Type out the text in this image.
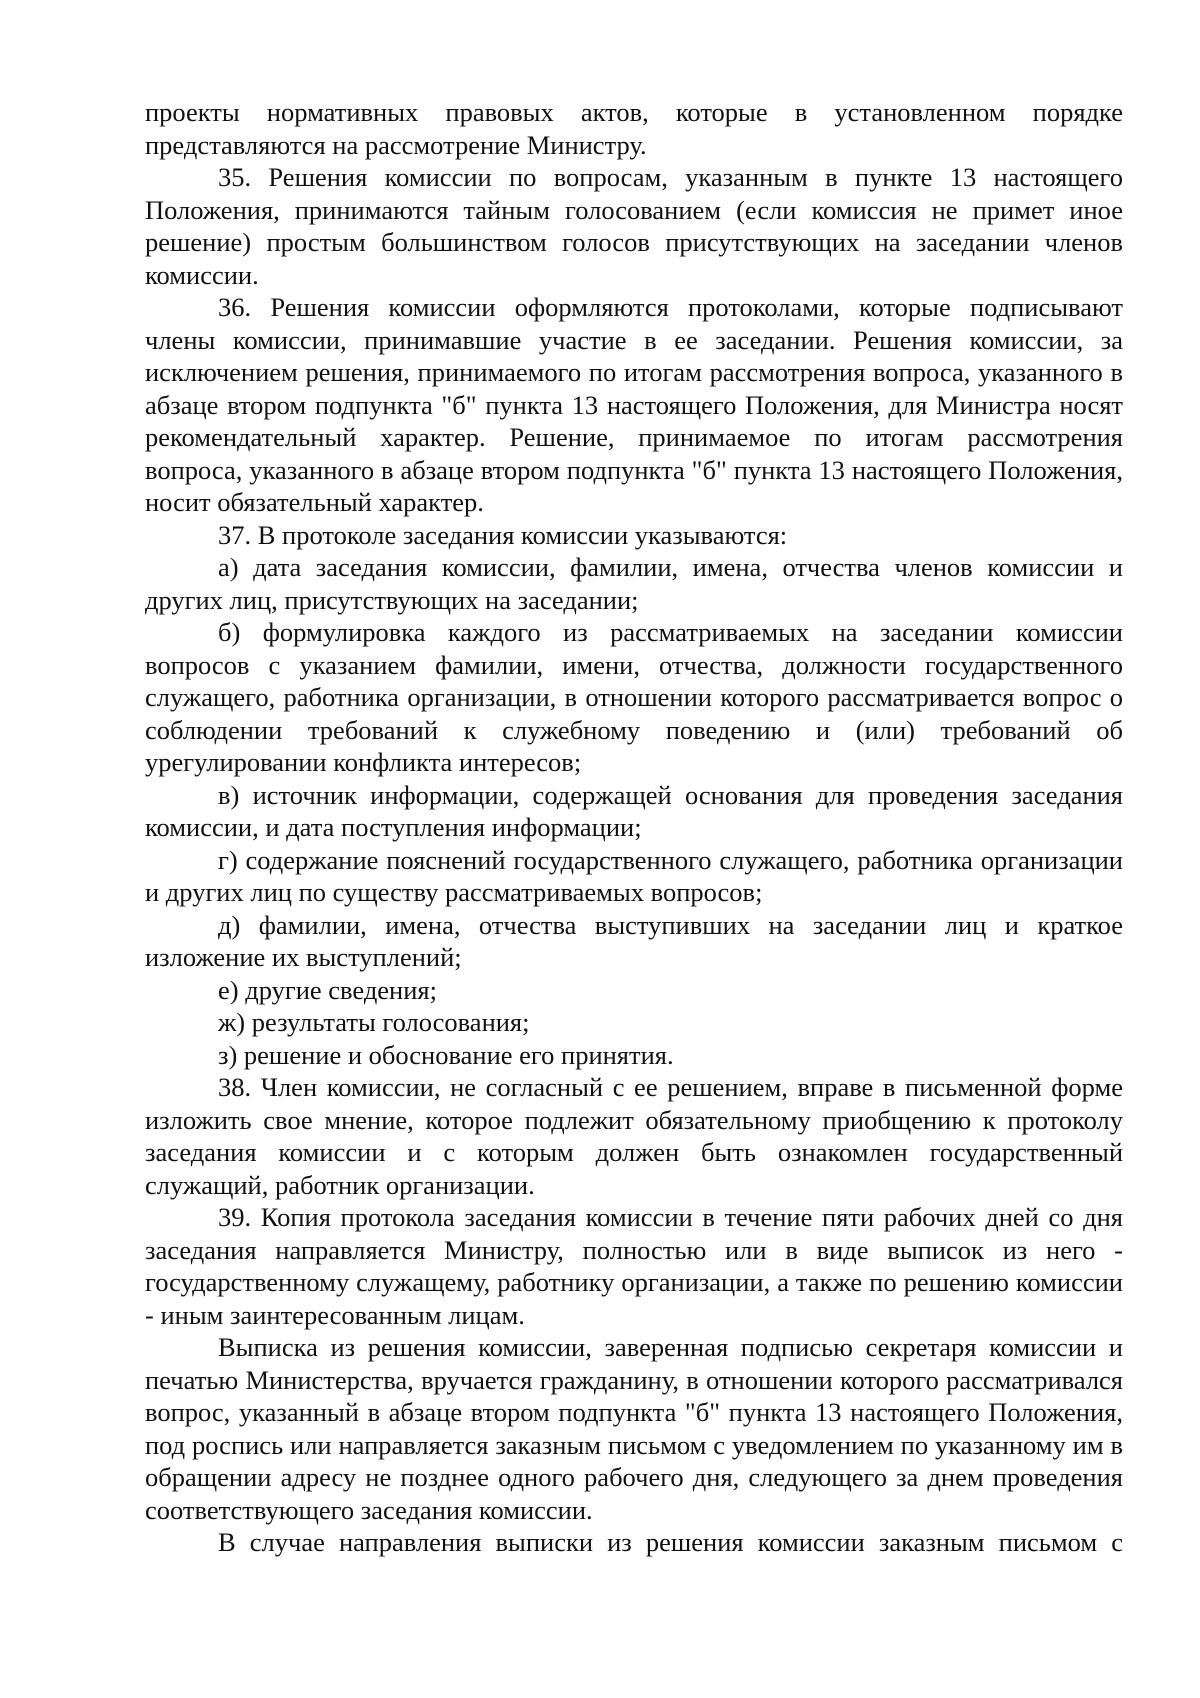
проекты нормативных правовых актов, которые в установленном порядке представляются на рассмотрение Министру.

35. Решения комиссии по вопросам, указанным в пункте 13 настоящего Положения, принимаются тайным голосованием (если комиссия не примет иное решение) простым большинством голосов присутствующих на заседании членов комиссии.

36. Решения комиссии оформляются протоколами, которые подписывают члены комиссии, принимавшие участие в ее заседании. Решения комиссии, за исключением решения, принимаемого по итогам рассмотрения вопроса, указанного в абзаце втором подпункта "б" пункта 13 настоящего Положения, для Министра носят рекомендательный характер. Решение, принимаемое по итогам рассмотрения вопроса, указанного в абзаце втором подпункта "б" пункта 13 настоящего Положения, носит обязательный характер.

37. В протоколе заседания комиссии указываются:

а) дата заседания комиссии, фамилии, имена, отчества членов комиссии и других лиц, присутствующих на заседании;

б) формулировка каждого из рассматриваемых на заседании комиссии вопросов с указанием фамилии, имени, отчества, должности государственного служащего, работника организации, в отношении которого рассматривается вопрос о соблюдении требований к служебному поведению и (или) требований об урегулировании конфликта интересов;

в) источник информации, содержащей основания для проведения заседания комиссии, и дата поступления информации;

г) содержание пояснений государственного служащего, работника организации и других лиц по существу рассматриваемых вопросов;

д) фамилии, имена, отчества выступивших на заседании лиц и краткое изложение их выступлений;

е) другие сведения;

ж) результаты голосования;

з) решение и обоснование его принятия.

38. Член комиссии, не согласный с ее решением, вправе в письменной форме изложить свое мнение, которое подлежит обязательному приобщению к протоколу заседания комиссии и с которым должен быть ознакомлен государственный служащий, работник организации.

39. Копия протокола заседания комиссии в течение пяти рабочих дней со дня заседания направляется Министру, полностью или в виде выписок из него - государственному служащему, работнику организации, а также по решению комиссии - иным заинтересованным лицам.

Выписка из решения комиссии, заверенная подписью секретаря комиссии и печатью Министерства, вручается гражданину, в отношении которого рассматривался вопрос, указанный в абзаце втором подпункта "б" пункта 13 настоящего Положения, под роспись или направляется заказным письмом с уведомлением по указанному им в обращении адресу не позднее одного рабочего дня, следующего за днем проведения соответствующего заседания комиссии.

В случае направления выписки из решения комиссии заказным письмом с
